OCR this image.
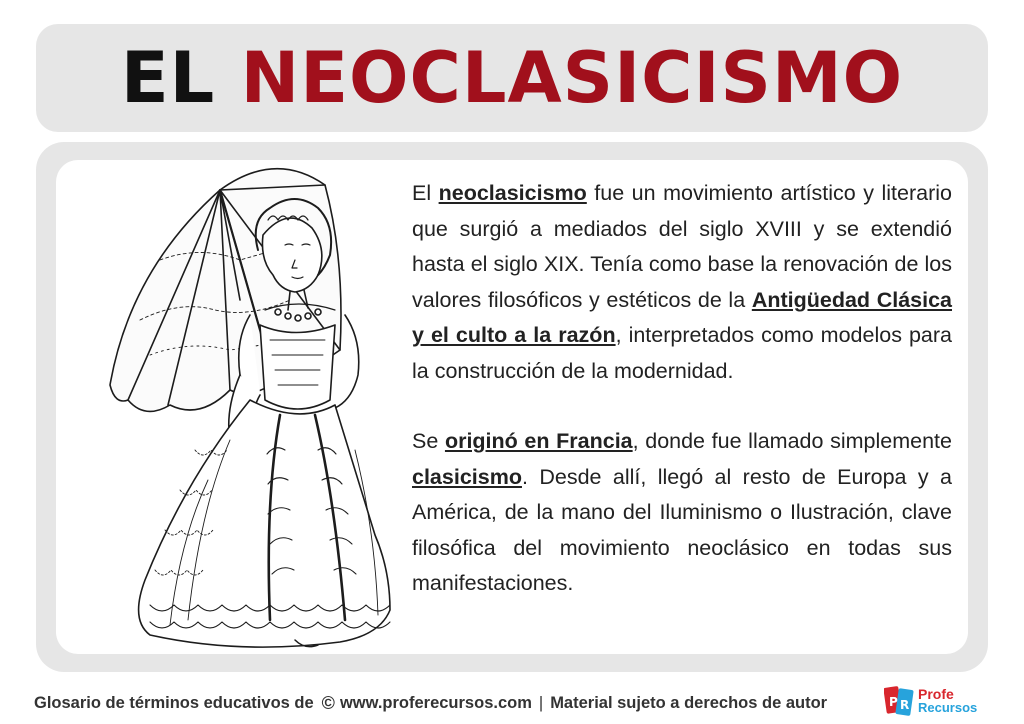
EL NEOCLASICISMO

El neoclasicismo fue un movimiento artístico y literario que surgió a mediados del siglo XVIII y se extendió hasta el siglo XIX. Tenía como base la renovación de los valores filosóficos y estéticos de la Antigüedad Clásica y el culto a la razón, interpretados como modelos para la construcción de la modernidad.

Se originó en Francia, donde fue llamado simplemente clasicismo. Desde allí, llegó al resto de Europa y a América, de la mano del Iluminismo o Ilustración, clave filosófica del movimiento neoclásico en todas sus manifestaciones.

Glosario de términos educativos de © www.proferecursos.com | Material sujeto a derechos de autor	P R
Profe
Recursos
